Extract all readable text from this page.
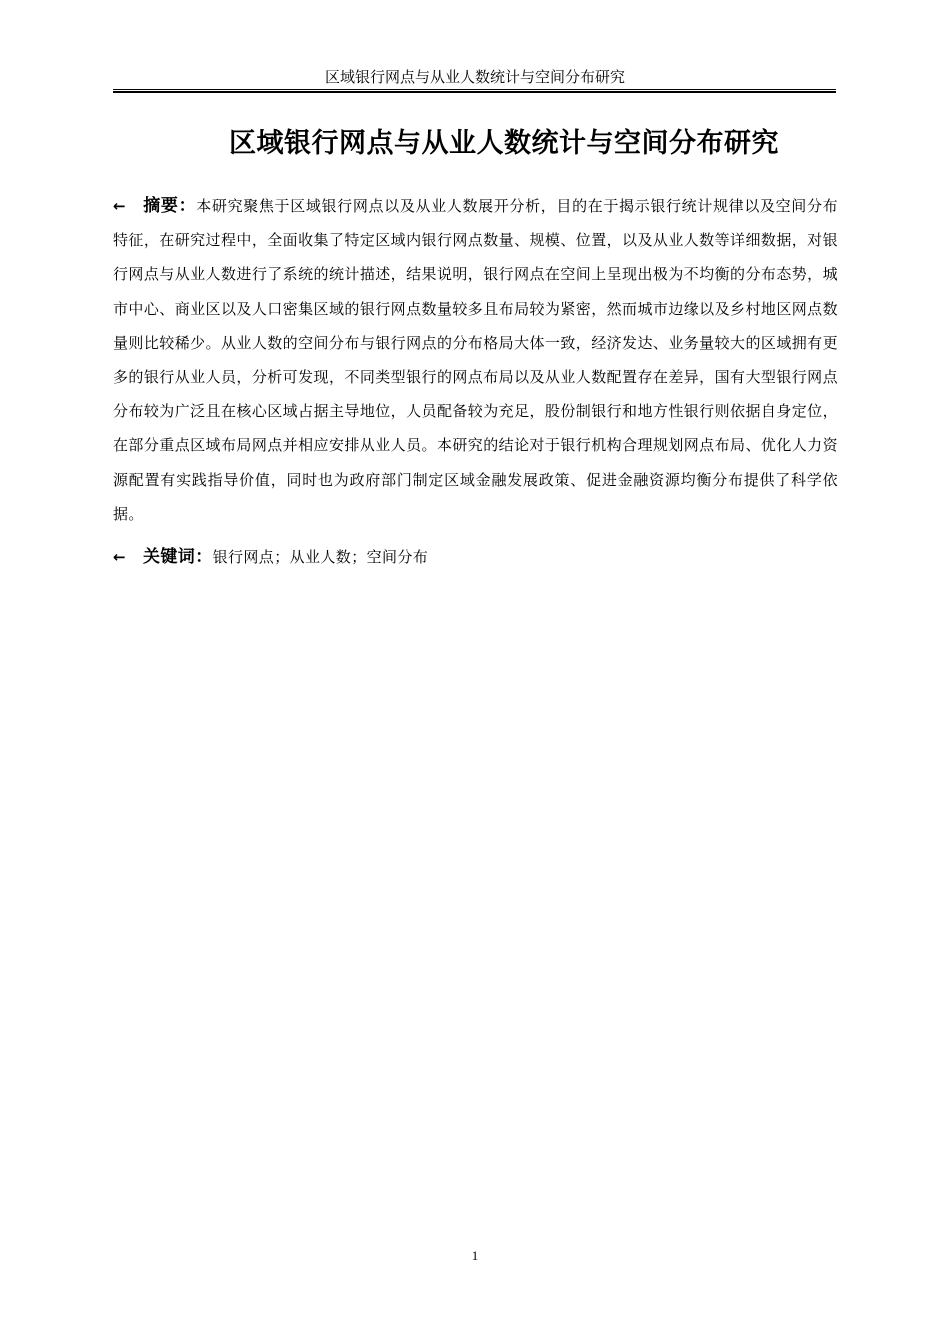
区域银行网点与从业人数统计与空间分布研究
区域银行网点与从业人数统计与空间分布研究

← 摘要：本研究聚焦于区域银行网点以及从业人数展开分析，目的在于揭示银行统计规律以及空间分布特征，在研究过程中，全面收集了特定区域内银行网点数量、规模、位置，以及从业人数等详细数据，对银行网点与从业人数进行了系统的统计描述，结果说明，银行网点在空间上呈现出极为不均衡的分布态势，城市中心、商业区以及人口密集区域的银行网点数量较多且布局较为紧密，然而城市边缘以及乡村地区网点数量则比较稀少。从业人数的空间分布与银行网点的分布格局大体一致，经济发达、业务量较大的区域拥有更多的银行从业人员，分析可发现，不同类型银行的网点布局以及从业人数配置存在差异，国有大型银行网点分布较为广泛且在核心区域占据主导地位，人员配备较为充足，股份制银行和地方性银行则依据自身定位，在部分重点区域布局网点并相应安排从业人员。本研究的结论对于银行机构合理规划网点布局、优化人力资源配置有实践指导价值，同时也为政府部门制定区域金融发展政策、促进金融资源均衡分布提供了科学依据。

← 关键词：银行网点；从业人数；空间分布

1
